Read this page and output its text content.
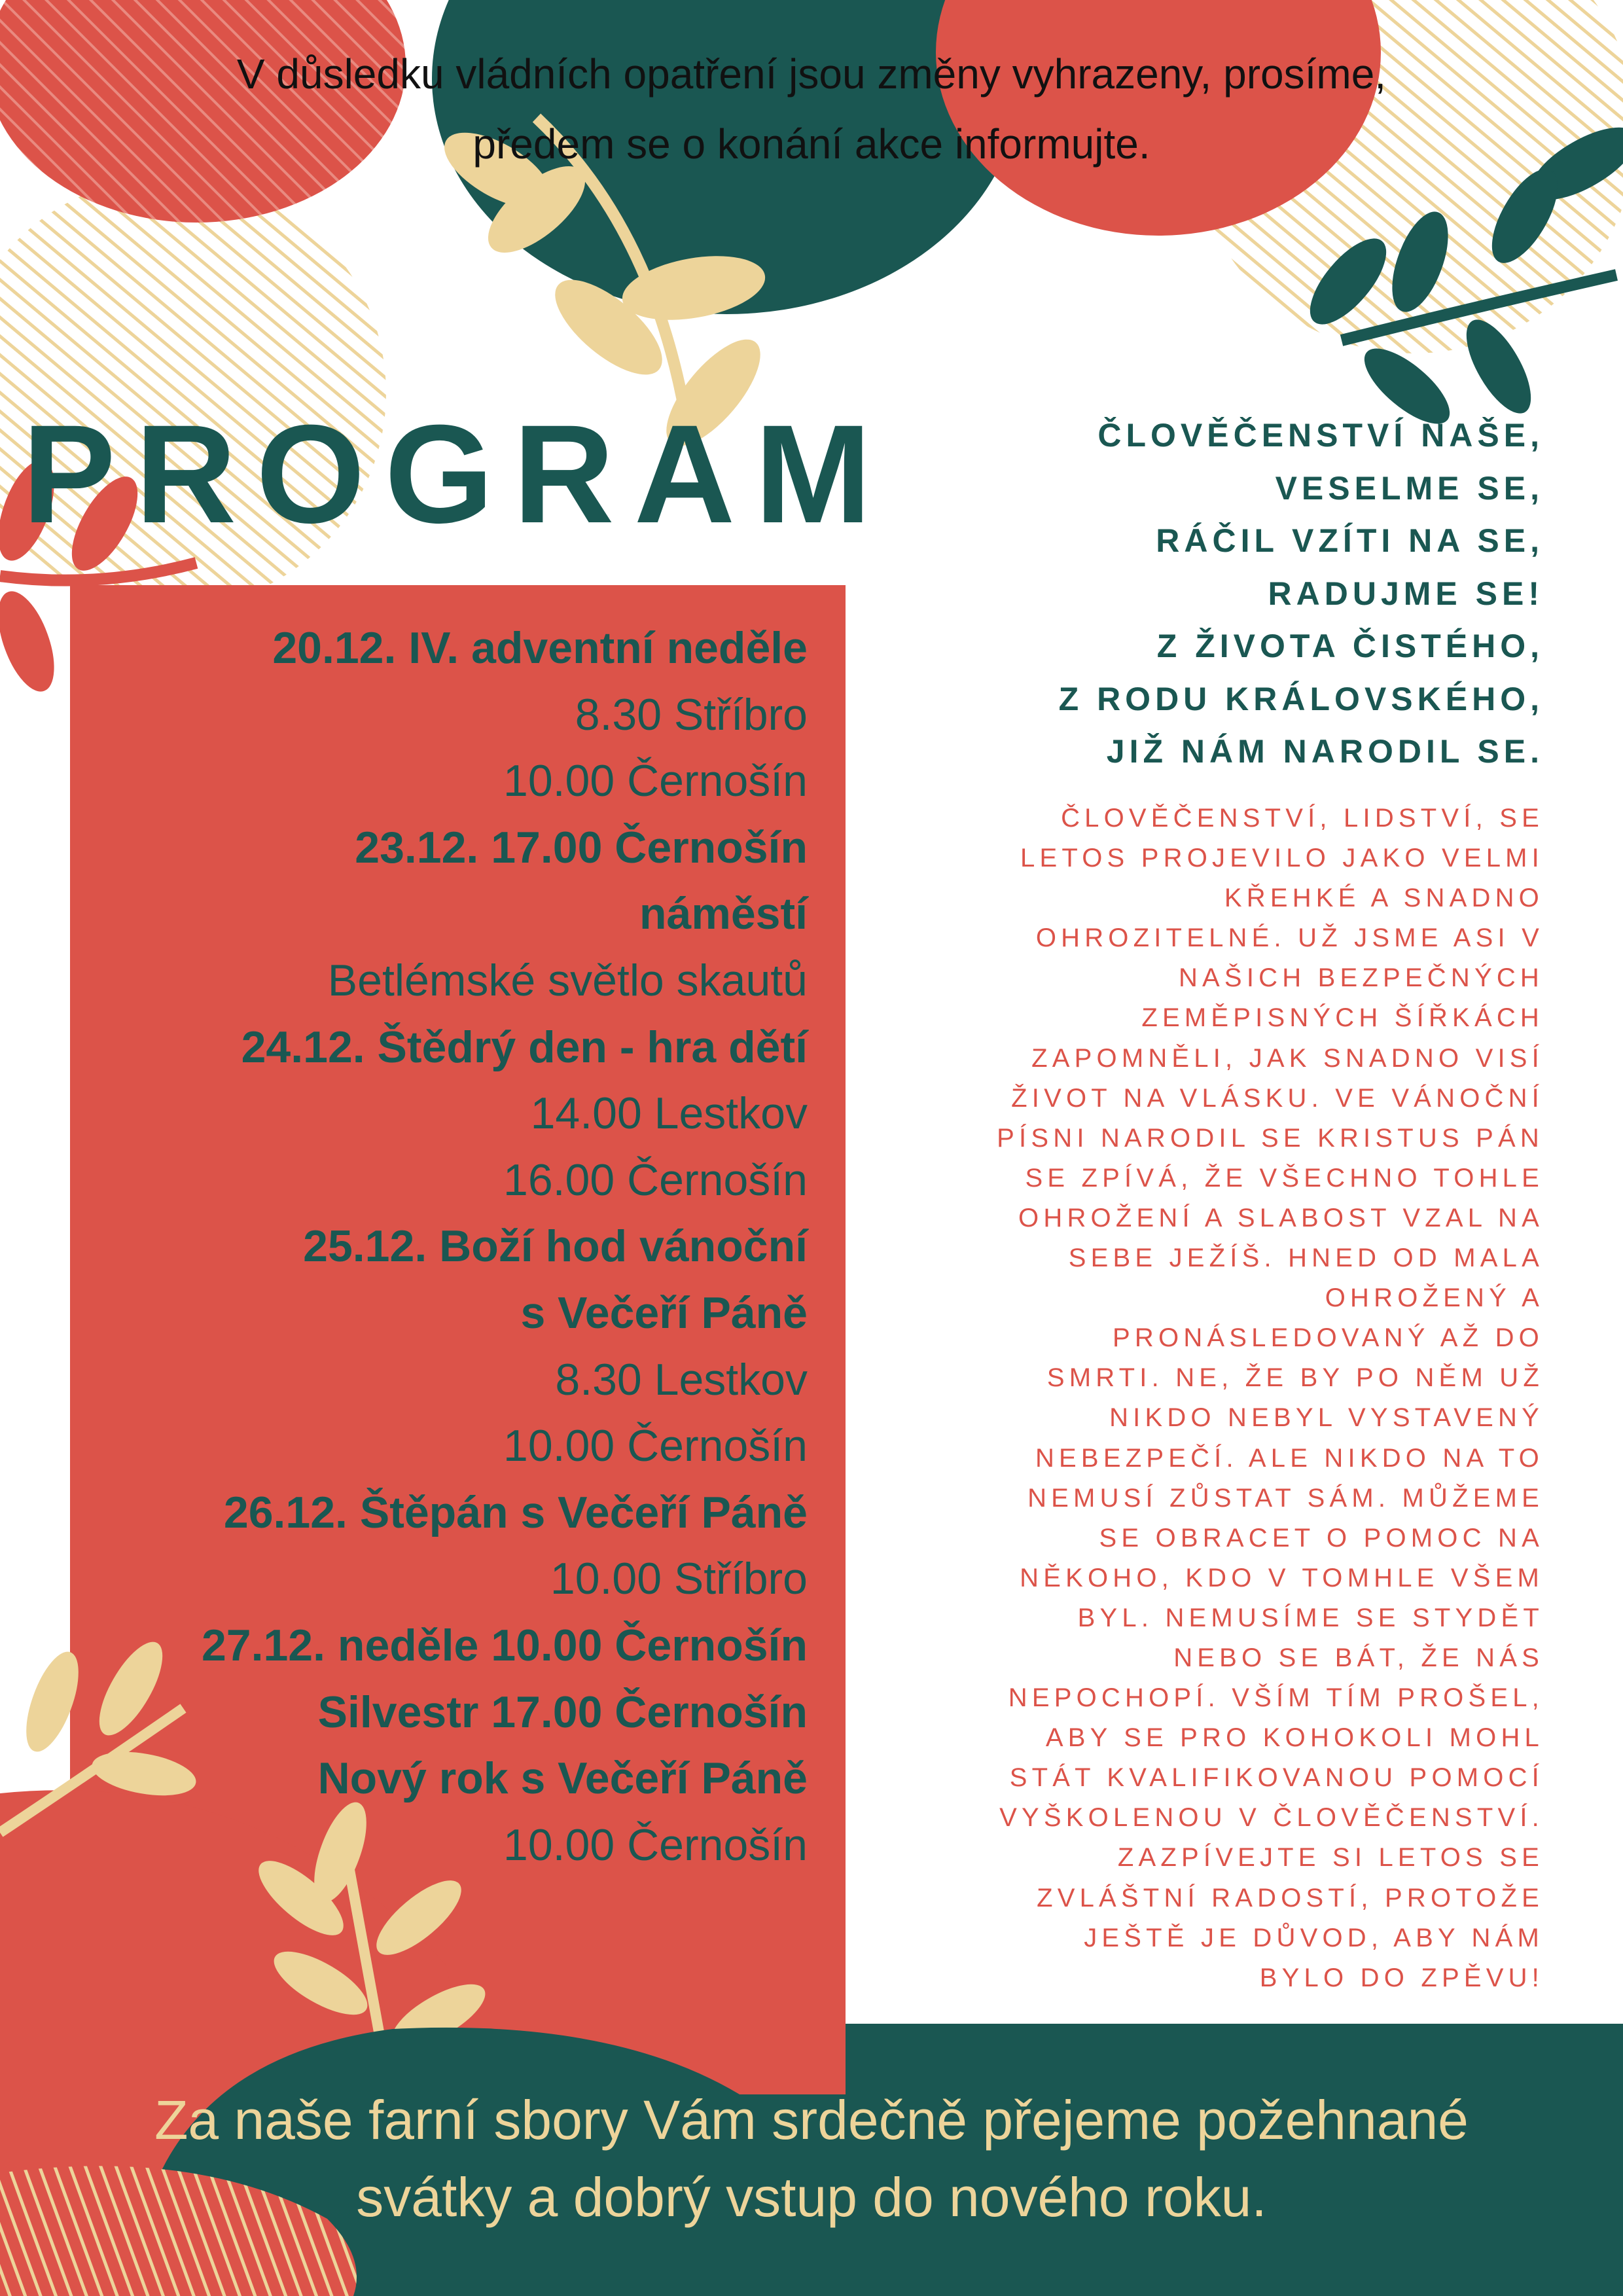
V důsledku vládních opatření jsou změny vyhrazeny, prosíme,
předem se o konání akce informujte.
PROGRAM	ČLOVĚČENSTVÍ NAŠE,
VESELME SE,
RÁČIL VZÍTI NA SE,
RADUJME SE!
Z ŽIVOTA ČISTÉHO,
Z RODU KRÁLOVSKÉHO,
JIŽ NÁM NARODIL SE.
ČLOVĚČENSTVÍ, LIDSTVÍ, SE
LETOS PROJEVILO JAKO VELMI
KŘEHKÉ A SNADNO
OHROZITELNÉ. UŽ JSME ASI V
NAŠICH BEZPEČNÝCH
ZEMĚPISNÝCH ŠÍŘKÁCH
ZAPOMNĚLI, JAK SNADNO VISÍ
ŽIVOT NA VLÁSKU. VE VÁNOČNÍ
PÍSNI NARODIL SE KRISTUS PÁN
SE ZPÍVÁ, ŽE VŠECHNO TOHLE
OHROŽENÍ A SLABOST VZAL NA
SEBE JEŽÍŠ. HNED OD MALA
OHROŽENÝ A
PRONÁSLEDOVANÝ AŽ DO
SMRTI. NE, ŽE BY PO NĚM UŽ
NIKDO NEBYL VYSTAVENÝ
NEBEZPEČÍ. ALE NIKDO NA TO
NEMUSÍ ZŮSTAT SÁM. MŮŽEME
SE OBRACET O POMOC NA
NĚKOHO, KDO V TOMHLE VŠEM
BYL. NEMUSÍME SE STYDĚT
NEBO SE BÁT, ŽE NÁS
NEPOCHOPÍ. VŠÍM TÍM PROŠEL,
ABY SE PRO KOHOKOLI MOHL
STÁT KVALIFIKOVANOU POMOCÍ
VYŠKOLENOU V ČLOVĚČENSTVÍ.
ZAZPÍVEJTE SI LETOS SE
ZVLÁŠTNÍ RADOSTÍ, PROTOŽE
JEŠTĚ JE DŮVOD, ABY NÁM
BYLO DO ZPĚVU!
20.12. IV. adventní neděle
8.30 Stříbro
10.00 Černošín
23.12. 17.00 Černošín
náměstí
Betlémské světlo skautů
24.12. Štědrý den - hra dětí
14.00 Lestkov
16.00 Černošín
25.12. Boží hod vánoční
s Večeří Páně
8.30 Lestkov
10.00 Černošín
26.12. Štěpán s Večeří Páně
10.00 Stříbro
27.12. neděle 10.00 Černošín
Silvestr 17.00 Černošín
Nový rok s Večeří Páně
10.00 Černošín
Za naše farní sbory Vám srdečně přejeme požehnané
svátky a dobrý vstup do nového roku.
